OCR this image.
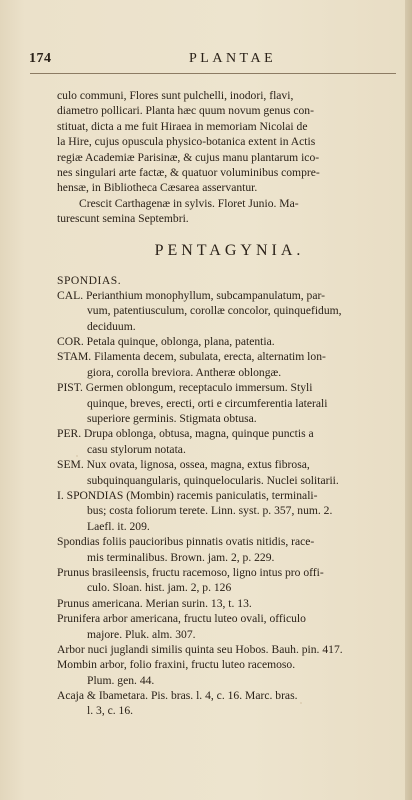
174	PLANTAE
culo communi, Flores sunt pulchelli, inodori, flavi,
diametro pollicari. Planta hæc quum novum genus con-
stituat, dicta a me fuit Hiraea in memoriam Nicolai de
la Hire, cujus opuscula physico-botanica extent in Actis
regiæ Academiæ Parisinæ, & cujus manu plantarum ico-
nes singulari arte factæ, & quatuor voluminibus compre-
hensæ, in Bibliotheca Cæsarea asservantur.
Crescit Carthagenæ in sylvis. Floret Junio. Ma-
turescunt semina Septembri.
PENTAGYNIA.
SPONDIAS.
CAL. Perianthium monophyllum, subcampanulatum, par-
vum, patentiusculum, corollæ concolor, quinquefidum,
deciduum.
COR. Petala quinque, oblonga, plana, patentia.
STAM. Filamenta decem, subulata, erecta, alternatim lon-
giora, corolla breviora. Antheræ oblongæ.
PIST. Germen oblongum, receptaculo immersum. Styli
quinque, breves, erecti, orti e circumferentia laterali
superiore germinis. Stigmata obtusa.
PER. Drupa oblonga, obtusa, magna, quinque punctis a
casu stylorum notata.
SEM. Nux ovata, lignosa, ossea, magna, extus fibrosa,
subquinquangularis, quinquelocularis. Nuclei solitarii.
I. SPONDIAS (Mombin) racemis paniculatis, terminali-
bus; costa foliorum terete. Linn. syst. p. 357, num. 2.
Laefl. it. 209.
Spondias foliis paucioribus pinnatis ovatis nitidis, race-
mis terminalibus. Brown. jam. 2, p. 229.
Prunus brasileensis, fructu racemoso, ligno intus pro offi-
culo. Sloan. hist. jam. 2, p. 126
Prunus americana. Merian surin. 13, t. 13.
Prunifera arbor americana, fructu luteo ovali, officulo
majore. Pluk. alm. 307.
Arbor nuci juglandi similis quinta seu Hobos. Bauh. pin. 417.
Mombin arbor, folio fraxini, fructu luteo racemoso.
Plum. gen. 44.
Acaja & Ibametara. Pis. bras. l. 4, c. 16. Marc. bras.
l. 3, c. 16.
